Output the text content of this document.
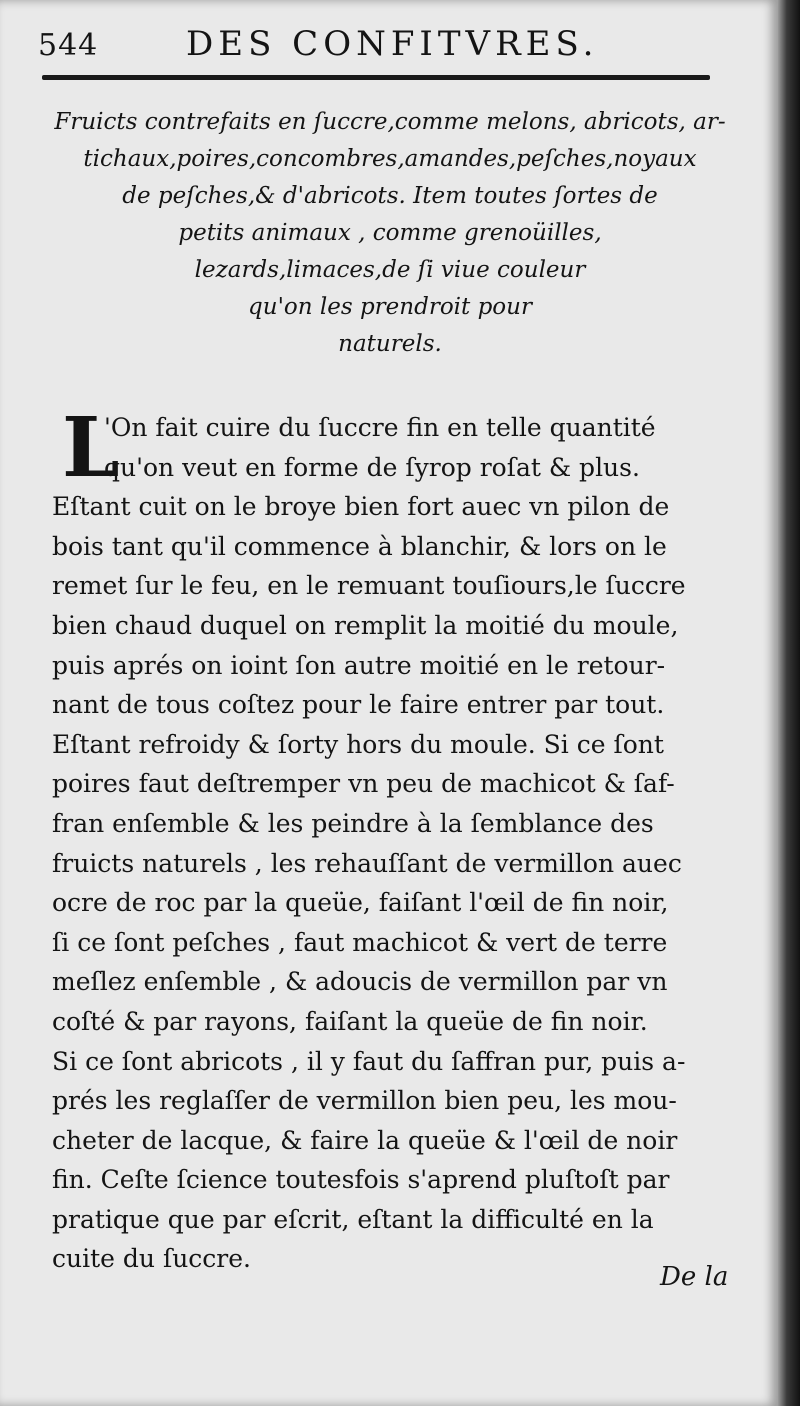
544	DES CONFITVRES.
Fruicts contrefaits en ſuccre,comme melons, abricots, ar-
tichaux,poires,concombres,amandes,peſches,noyaux
de peſches,& d'abricots. Item toutes ſortes de
petits animaux , comme grenoüilles,
lezards,limaces,de ſi viue couleur
qu'on les prendroit pour
naturels.
L
'On fait cuire du ſuccre fin en telle quantité
qu'on veut en forme de ſyrop roſat & plus.
Eſtant cuit on le broye bien fort auec vn pilon de
bois tant qu'il commence à blanchir, & lors on le
remet ſur le feu, en le remuant touſiours,le ſuccre
bien chaud duquel on remplit la moitié du moule,
puis aprés on ioint ſon autre moitié en le retour-
nant de tous coſtez pour le faire entrer par tout.
Eſtant refroidy & ſorty hors du moule. Si ce ſont
poires faut deſtremper vn peu de machicot & ſaf-
fran enſemble & les peindre à la ſemblance des
fruicts naturels , les rehauſſant de vermillon auec
ocre de roc par la queüe, faiſant l'œil de fin noir,
ſi ce ſont peſches , faut machicot & vert de terre
meſlez enſemble , & adoucis de vermillon par vn
coſté & par rayons, faiſant la queüe de fin noir.
Si ce ſont abricots , il y faut du ſaffran pur, puis a-
prés les reglaſſer de vermillon bien peu, les mou-
cheter de lacque, & faire la queüe & l'œil de noir
fin. Ceſte ſcience toutesfois s'aprend pluſtoſt par
pratique que par eſcrit, eſtant la difficulté en la
cuite du ſuccre.
De la
